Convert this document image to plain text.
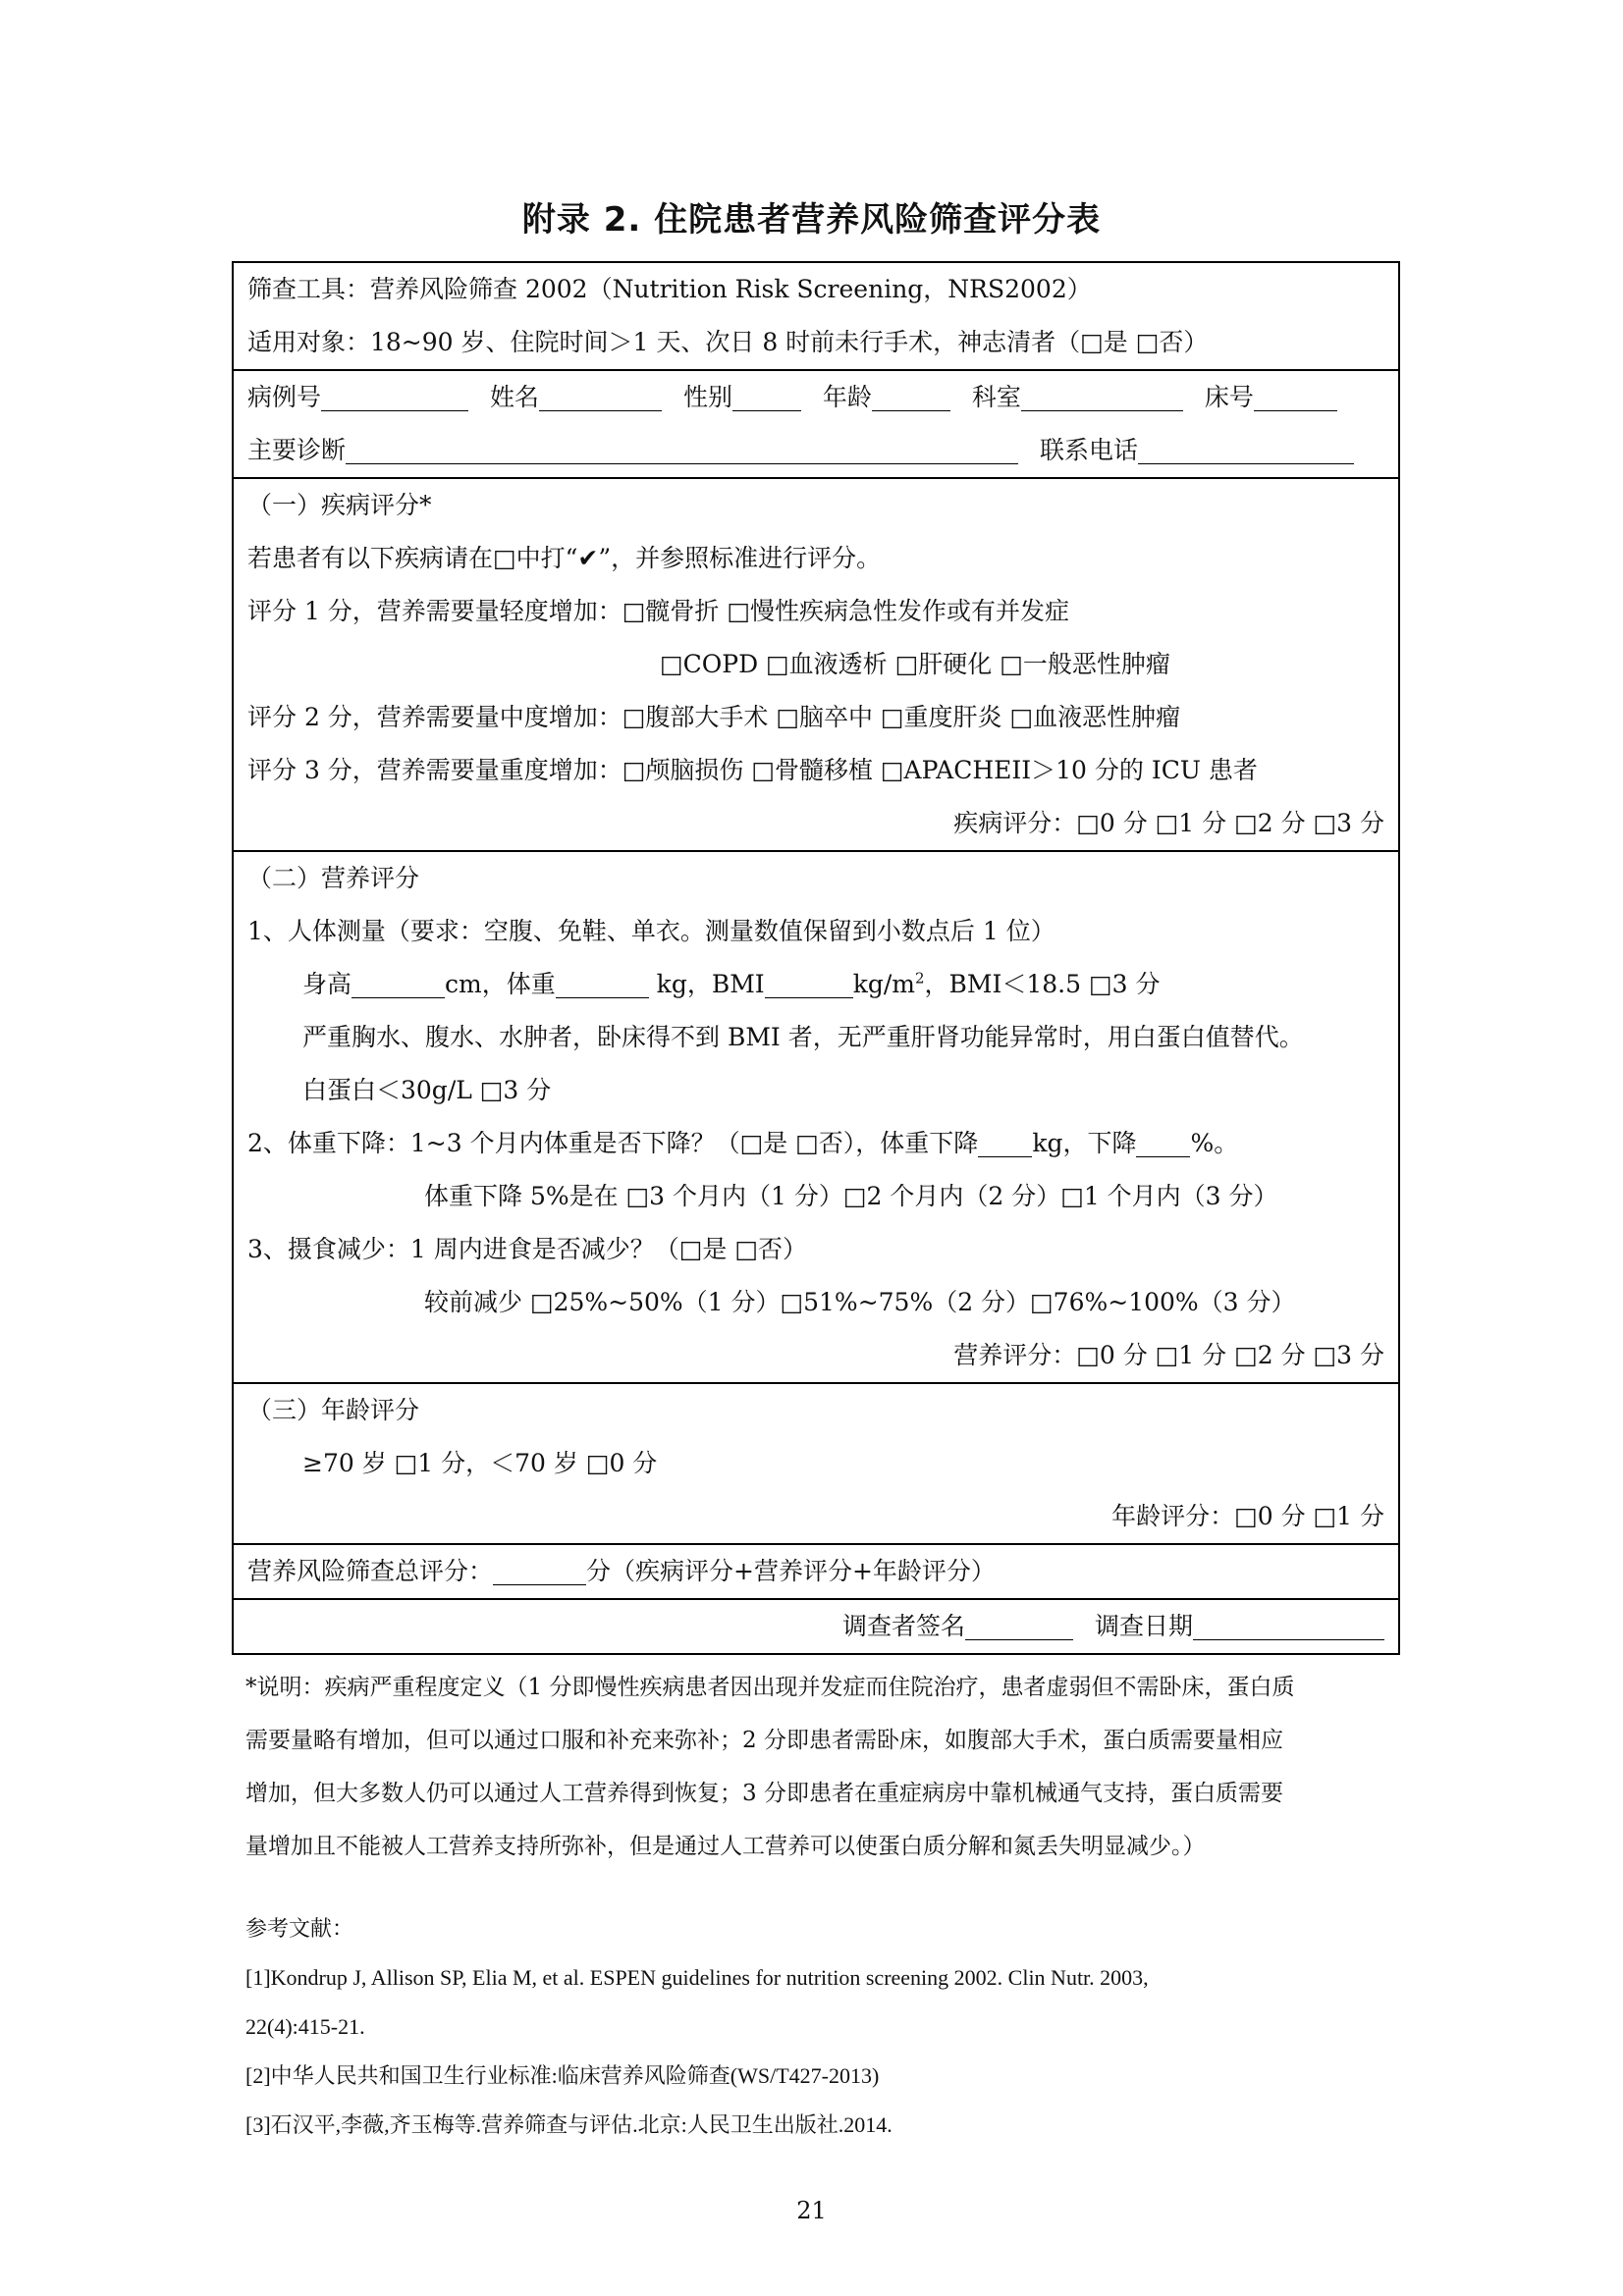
附录 2. 住院患者营养风险筛查评分表
筛查工具：营养风险筛查 2002（Nutrition Risk Screening，NRS2002）
适用对象：18~90 岁、住院时间＞1 天、次日 8 时前未行手术，神志清者（□是 □否）
病例号	姓名	性别	年龄	科室	床号
主要诊断	联系电话
（一）疾病评分*
若患者有以下疾病请在□中打“✔”，并参照标准进行评分。
评分 1 分，营养需要量轻度增加：□髋骨折 □慢性疾病急性发作或有并发症
□COPD □血液透析 □肝硬化 □一般恶性肿瘤
评分 2 分，营养需要量中度增加：□腹部大手术 □脑卒中 □重度肝炎 □血液恶性肿瘤
评分 3 分，营养需要量重度增加：□颅脑损伤 □骨髓移植 □APACHEII＞10 分的 ICU 患者
疾病评分：□0 分 □1 分 □2 分 □3 分
（二）营养评分
1、人体测量（要求：空腹、免鞋、单衣。测量数值保留到小数点后 1 位）
身高	cm，体重	kg，BMI	$kg/m^2$，BMI＜18.5 □3 分
严重胸水、腹水、水肿者，卧床得不到 BMI 者，无严重肝肾功能异常时，用白蛋白值替代。
白蛋白＜30g/L □3 分
2、体重下降：1~3 个月内体重是否下降？（□是 □否），体重下降 kg，下降 %。
体重下降 5%是在 □3 个月内（1 分）□2 个月内（2 分）□1 个月内（3 分）
3、摄食减少：1 周内进食是否减少？（□是 □否）
较前减少 □25%~50%（1 分）□51%~75%（2 分）□76%~100%（3 分）
营养评分：□0 分 □1 分 □2 分 □3 分
（三）年龄评分
≥70 岁 □1 分，＜70 岁 □0 分
年龄评分：□0 分 □1 分
营养风险筛查总评分：	分（疾病评分+营养评分+年龄评分）
调查者签名	调查日期
*说明：疾病严重程度定义（1 分即慢性疾病患者因出现并发症而住院治疗，患者虚弱但不需卧床，蛋白质
需要量略有增加，但可以通过口服和补充来弥补；2 分即患者需卧床，如腹部大手术，蛋白质需要量相应
增加，但大多数人仍可以通过人工营养得到恢复；3 分即患者在重症病房中靠机械通气支持，蛋白质需要
量增加且不能被人工营养支持所弥补，但是通过人工营养可以使蛋白质分解和氮丢失明显减少。）
参考文献：
[1]Kondrup J, Allison SP, Elia M, et al. ESPEN guidelines for nutrition screening 2002. Clin Nutr. 2003,
22(4):415-21.
[2]中华人民共和国卫生行业标准:临床营养风险筛查(WS/T427-2013)
[3]石汉平,李薇,齐玉梅等.营养筛查与评估.北京:人民卫生出版社.2014.
21
